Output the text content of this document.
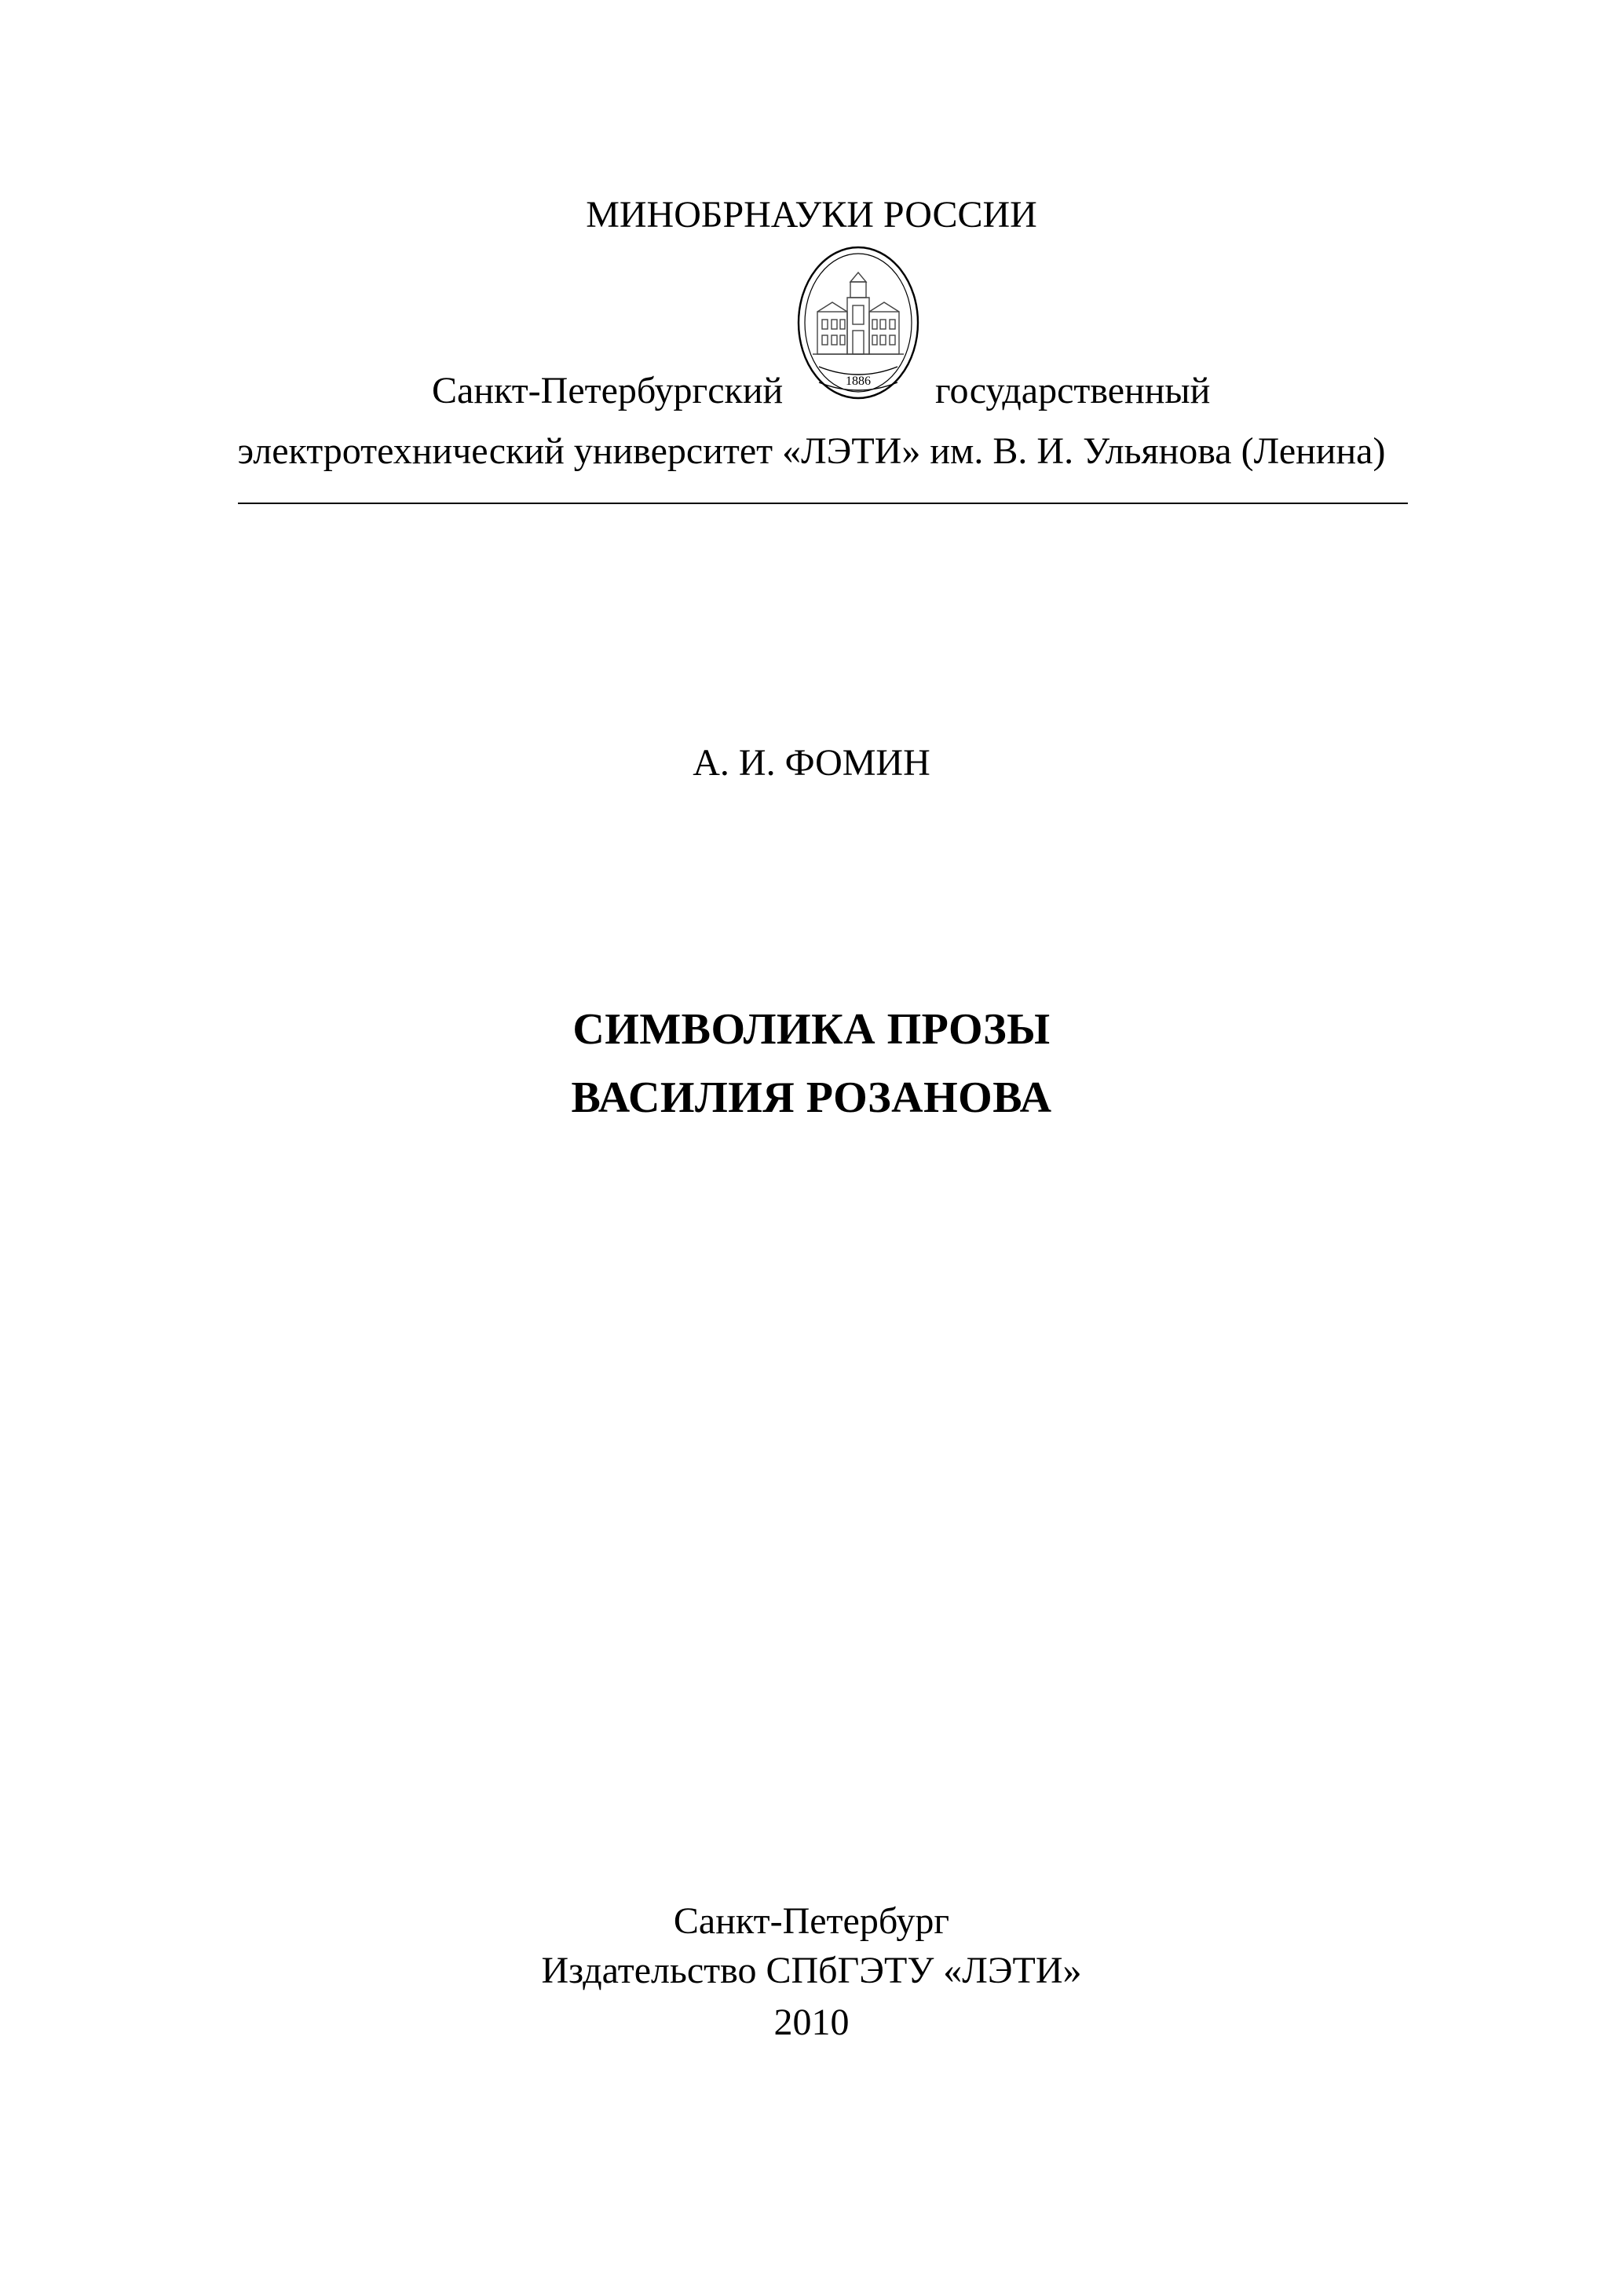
МИНОБРНАУКИ РОССИИ
1886
Санкт-Петербургский	государственный
электротехнический университет «ЛЭТИ» им. В. И. Ульянова (Ленина)
А. И. ФОМИН
СИМВОЛИКА ПРОЗЫ
ВАСИЛИЯ РОЗАНОВА
Санкт-Петербург
Издательство СПбГЭТУ «ЛЭТИ»
2010
